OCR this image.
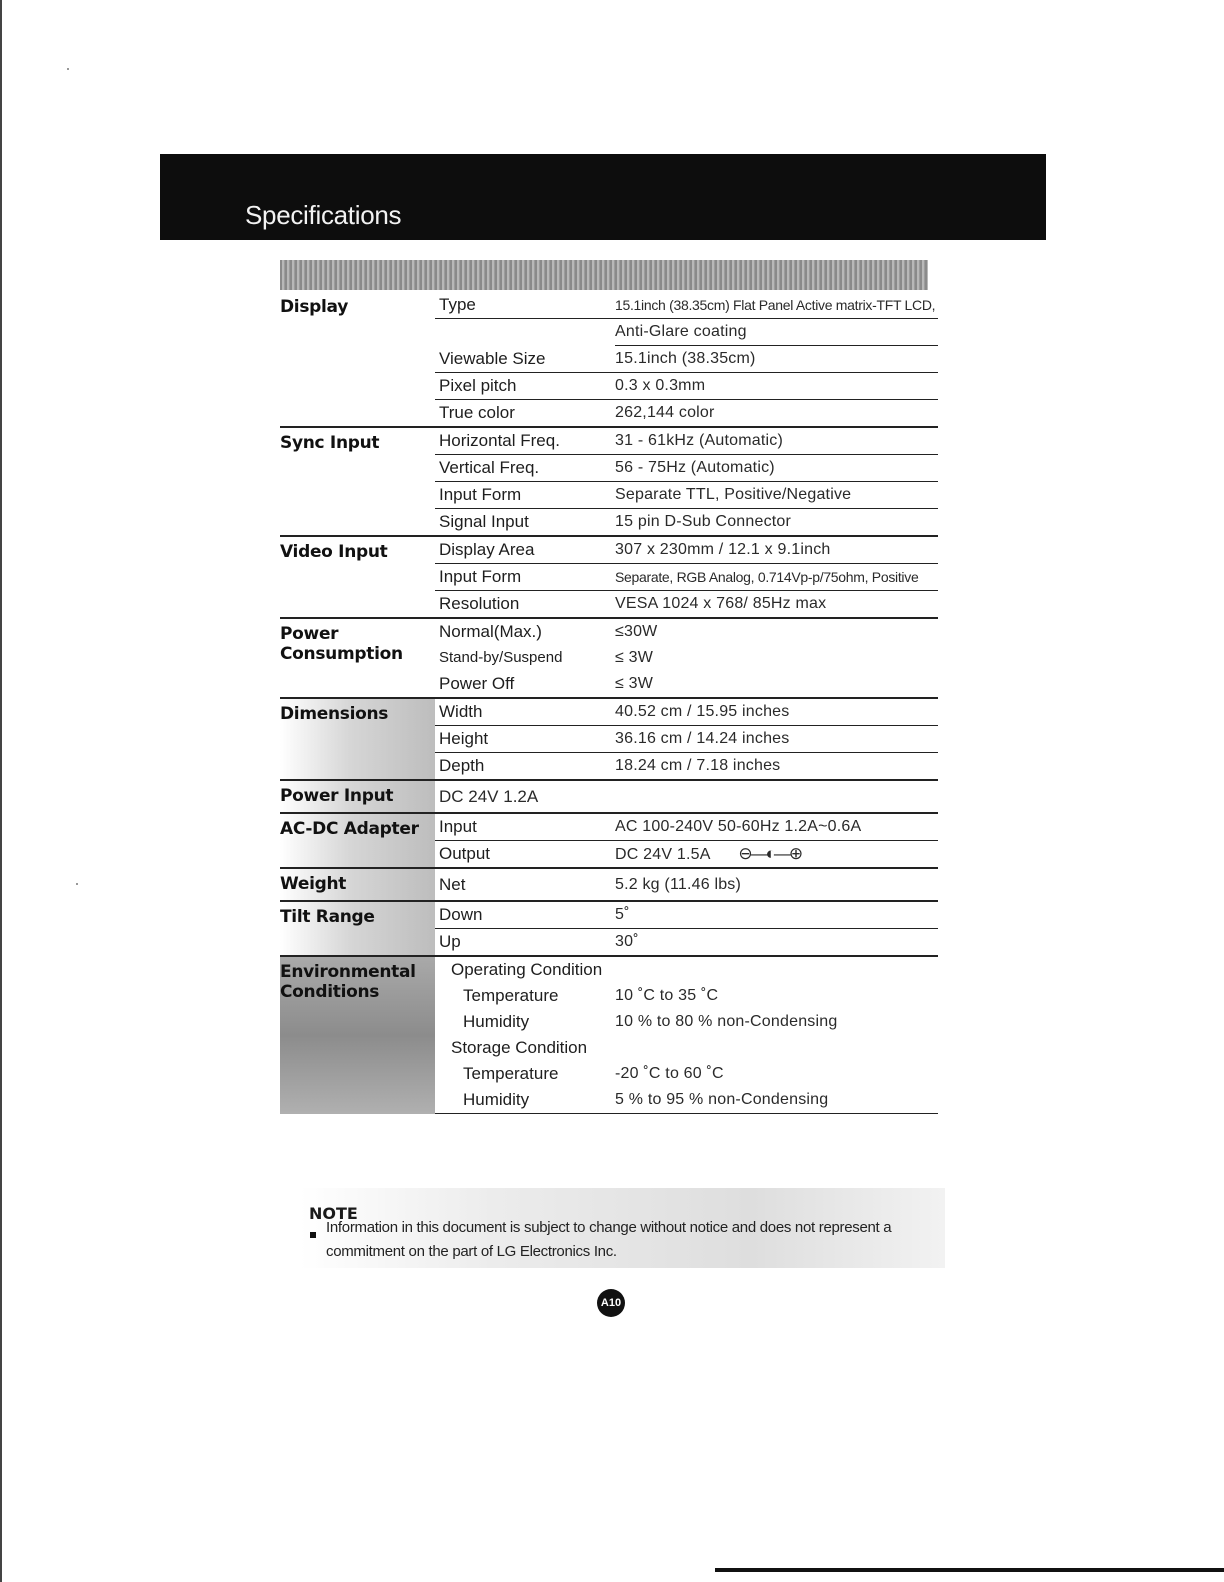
Specifications
Display	Type	15.1inch (38.35cm) Flat Panel Active matrix-TFT LCD,
		Anti-Glare coating
	Viewable Size	15.1inch (38.35cm)
	Pixel pitch	0.3 x 0.3mm
	True color	262,144 color
Sync Input	Horizontal Freq.	31 - 61kHz (Automatic)
	Vertical Freq.	56 - 75Hz (Automatic)
	Input Form	Separate TTL, Positive/Negative
	Signal Input	15 pin D-Sub Connector
Video Input	Display Area	307 x 230mm / 12.1 x 9.1inch
	Input Form	Separate, RGB Analog, 0.714Vp-p/75ohm, Positive
	Resolution	VESA 1024 x 768/ 85Hz max
Power
Consumption	Normal(Max.)	≤30W
	Stand-by/Suspend	≤ 3W
	Power Off	≤ 3W
Dimensions	Width	40.52 cm / 15.95 inches
	Height	36.16 cm / 14.24 inches
	Depth	18.24 cm / 7.18 inches
Power Input	DC 24V 1.2A	
AC-DC Adapter	Input	AC 100-240V 50-60Hz 1.2A~0.6A
	Output	DC 24V 1.5A ⊖—◐—⊕
Weight	Net	5.2 kg (11.46 lbs)
Tilt Range	Down	5˚
	Up	30˚
Environmental
Conditions	Operating Condition	
	Temperature	10 ˚C to 35 ˚C
	Humidity	10 % to 80 % non-Condensing
	Storage Condition	
	Temperature	-20 ˚C to 60 ˚C
	Humidity	5 % to 95 % non-Condensing
NOTE
Information in this document is subject to change without notice and does not represent a commitment on the part of LG Electronics Inc.
A10
